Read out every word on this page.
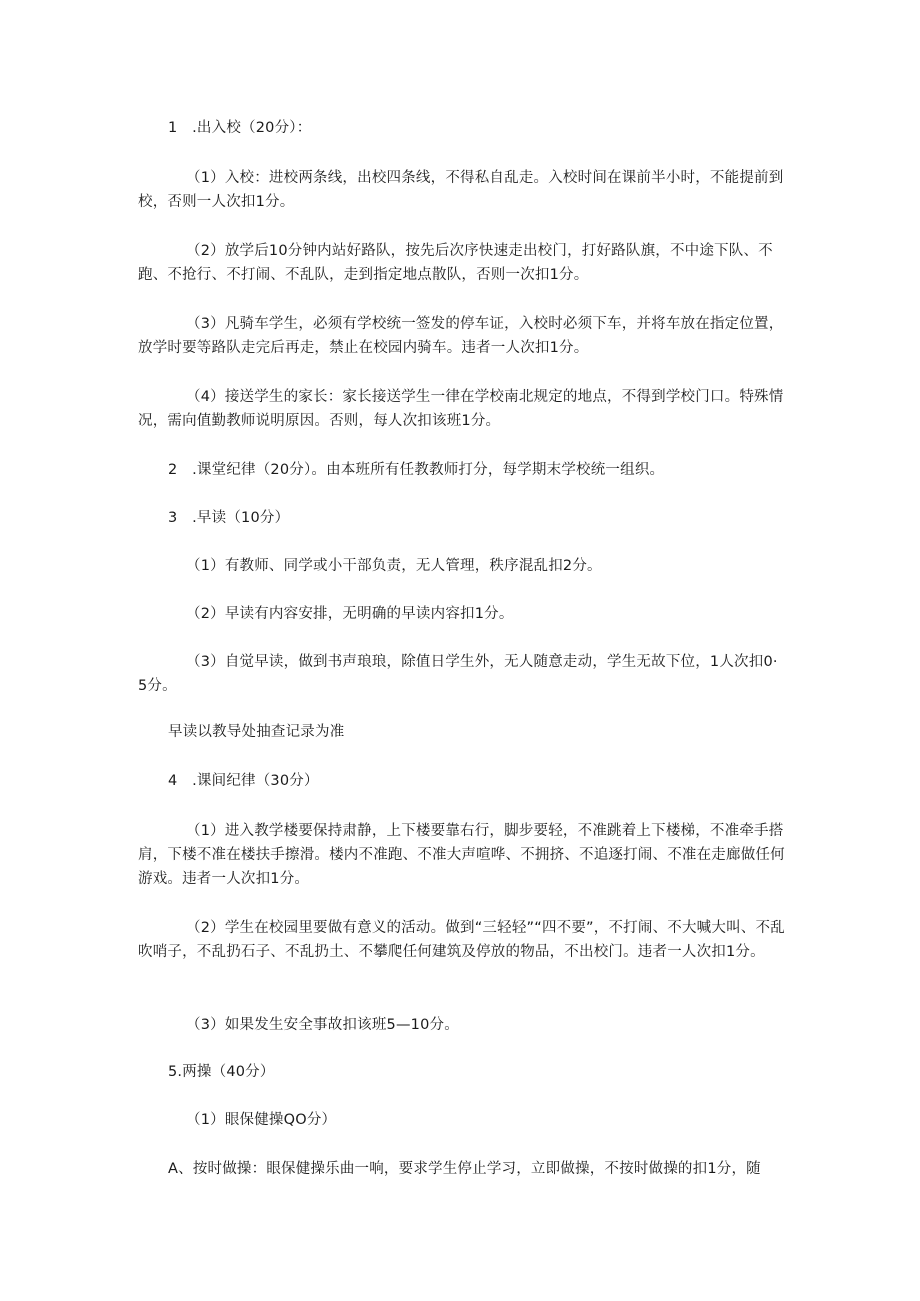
1　.出入校（20分）：
（1）入校：进校两条线，出校四条线，不得私自乱走。入校时间在课前半小时，不能提前到校，否则一人次扣1分。
（2）放学后10分钟内站好路队，按先后次序快速走出校门，打好路队旗，不中途下队、不跑、不抢行、不打闹、不乱队，走到指定地点散队，否则一次扣1分。
（3）凡骑车学生，必须有学校统一签发的停车证，入校时必须下车，并将车放在指定位置，放学时要等路队走完后再走，禁止在校园内骑车。违者一人次扣1分。
（4）接送学生的家长：家长接送学生一律在学校南北规定的地点，不得到学校门口。特殊情况，需向值勤教师说明原因。否则，每人次扣该班1分。
2　.课堂纪律（20分）。由本班所有任教教师打分，每学期末学校统一组织。
3　.早读（10分）
（1）有教师、同学或小干部负责，无人管理，秩序混乱扣2分。
（2）早读有内容安排，无明确的早读内容扣1分。
（3）自觉早读，做到书声琅琅，除值日学生外，无人随意走动，学生无故下位，1人次扣0·5分。
早读以教导处抽查记录为准
4　.课间纪律（30分）
（1）进入教学楼要保持肃静，上下楼要靠右行，脚步要轻，不准跳着上下楼梯，不准牵手搭肩，下楼不准在楼扶手擦滑。楼内不准跑、不准大声喧哗、不拥挤、不追逐打闹、不准在走廊做任何游戏。违者一人次扣1分。
（2）学生在校园里要做有意义的活动。做到“三轻轻”“四不要”，不打闹、不大喊大叫、不乱吹哨子，不乱扔石子、不乱扔土、不攀爬任何建筑及停放的物品，不出校门。违者一人次扣1分。
（3）如果发生安全事故扣该班5—10分。
5.两操（40分）
（1）眼保健操QO分）
A、按时做操：眼保健操乐曲一响，要求学生停止学习，立即做操，不按时做操的扣1分，随
